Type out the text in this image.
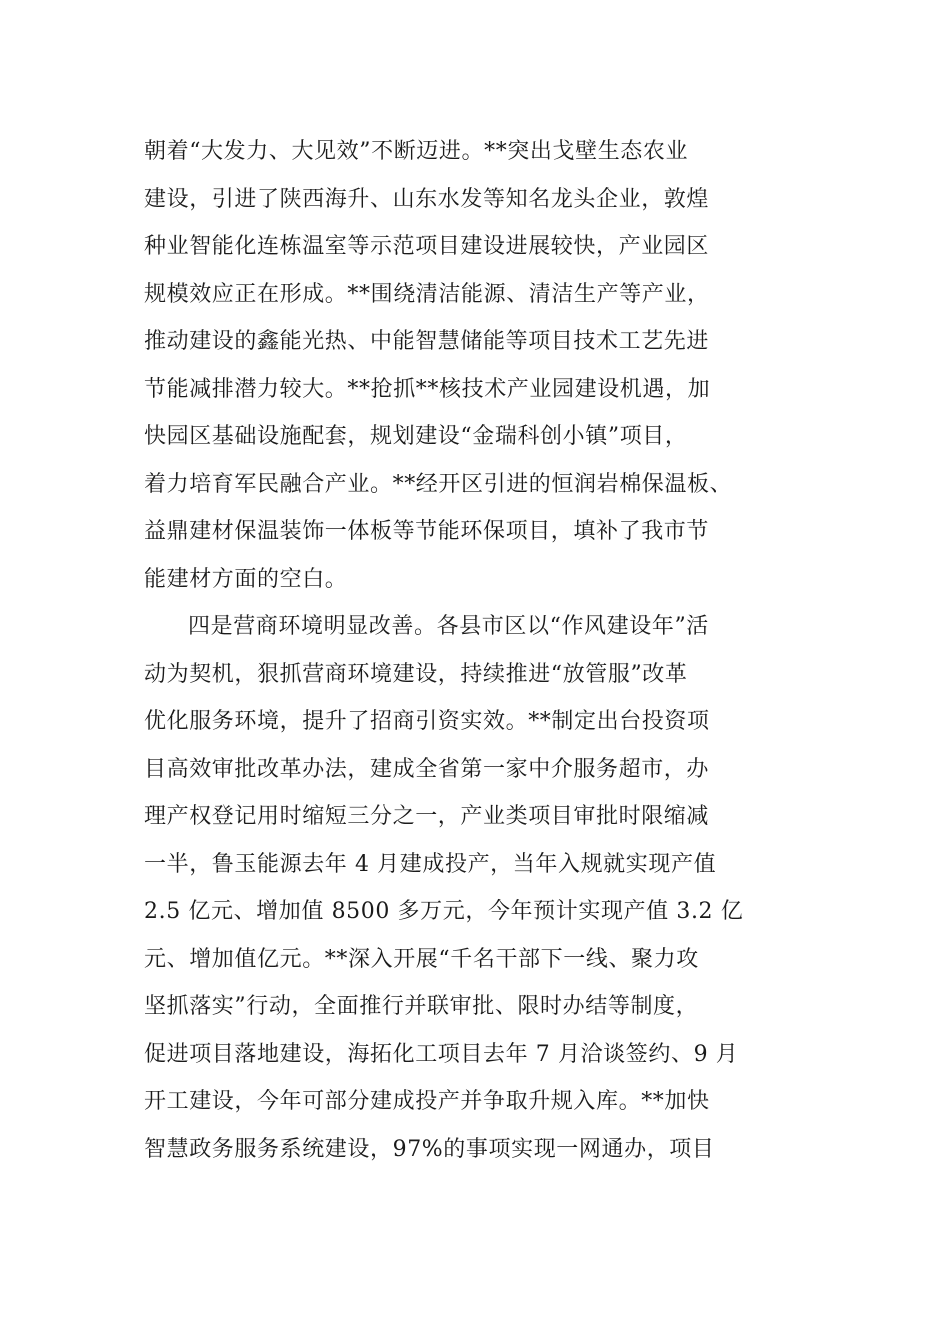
朝着“大发力、大见效”不断迈进。**突出戈壁生态农业
建设，引进了陕西海升、山东水发等知名龙头企业，敦煌
种业智能化连栋温室等示范项目建设进展较快，产业园区
规模效应正在形成。**围绕清洁能源、清洁生产等产业，
推动建设的鑫能光热、中能智慧储能等项目技术工艺先进
节能减排潜力较大。**抢抓**核技术产业园建设机遇，加
快园区基础设施配套，规划建设“金瑞科创小镇”项目，
着力培育军民融合产业。**经开区引进的恒润岩棉保温板、
益鼎建材保温装饰一体板等节能环保项目，填补了我市节
能建材方面的空白。
四是营商环境明显改善。各县市区以“作风建设年”活
动为契机，狠抓营商环境建设，持续推进“放管服”改革
优化服务环境，提升了招商引资实效。**制定出台投资项
目高效审批改革办法，建成全省第一家中介服务超市，办
理产权登记用时缩短三分之一，产业类项目审批时限缩减
一半，鲁玉能源去年 4 月建成投产，当年入规就实现产值
2.5 亿元、增加值 8500 多万元，今年预计实现产值 3.2 亿
元、增加值亿元。**深入开展“千名干部下一线、聚力攻
坚抓落实”行动，全面推行并联审批、限时办结等制度，
促进项目落地建设，海拓化工项目去年 7 月洽谈签约、9 月
开工建设，今年可部分建成投产并争取升规入库。**加快
智慧政务服务系统建设，97%的事项实现一网通办，项目
